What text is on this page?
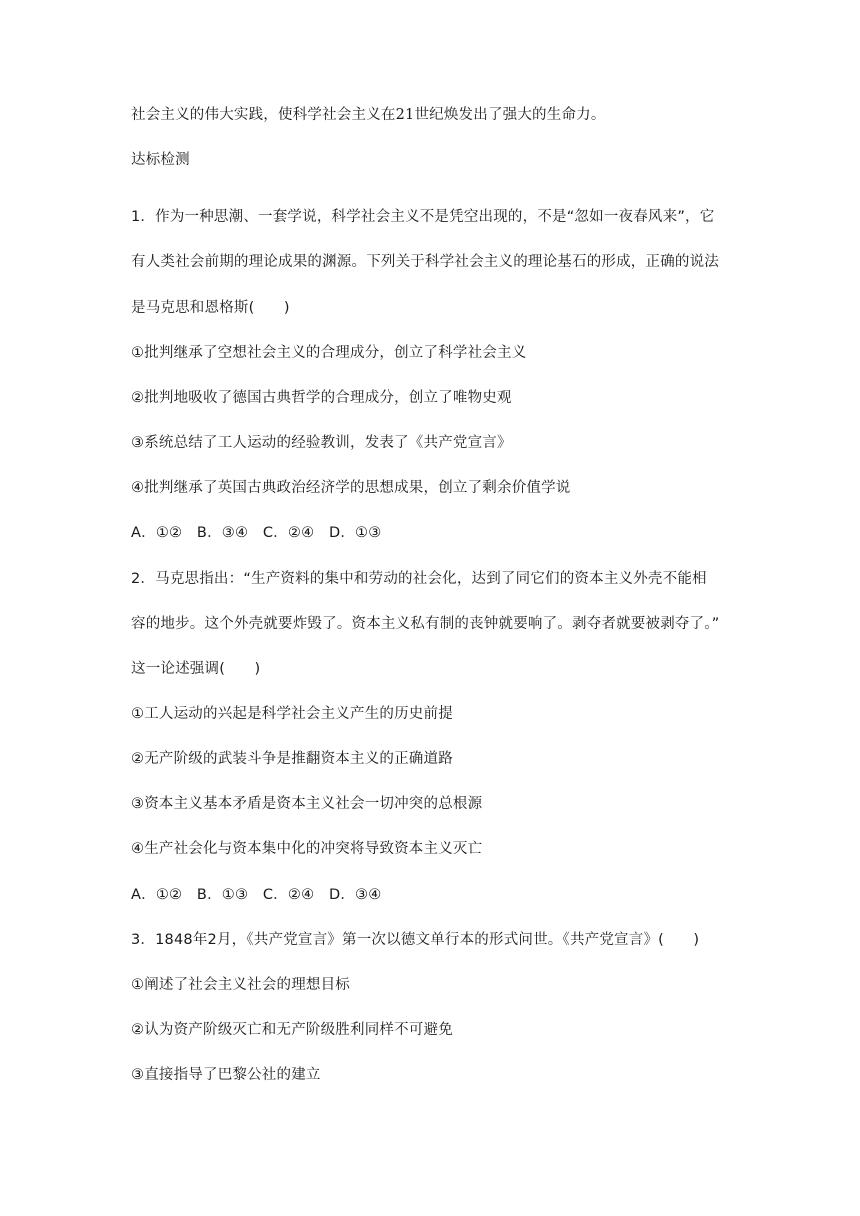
社会主义的伟大实践，使科学社会主义在21世纪焕发出了强大的生命力。
达标检测
1．作为一种思潮、一套学说，科学社会主义不是凭空出现的，不是“忽如一夜春风来”，它
有人类社会前期的理论成果的渊源。下列关于科学社会主义的理论基石的形成，正确的说法
是马克思和恩格斯(　　)
①批判继承了空想社会主义的合理成分，创立了科学社会主义
②批判地吸收了德国古典哲学的合理成分，创立了唯物史观
③系统总结了工人运动的经验教训，发表了《共产党宣言》
④批判继承了英国古典政治经济学的思想成果，创立了剩余价值学说
A．①②　B．③④　C．②④　D．①③
2．马克思指出：“生产资料的集中和劳动的社会化，达到了同它们的资本主义外壳不能相
容的地步。这个外壳就要炸毁了。资本主义私有制的丧钟就要响了。剥夺者就要被剥夺了。”
这一论述强调(　　)
①工人运动的兴起是科学社会主义产生的历史前提
②无产阶级的武装斗争是推翻资本主义的正确道路
③资本主义基本矛盾是资本主义社会一切冲突的总根源
④生产社会化与资本集中化的冲突将导致资本主义灭亡
A．①②　B．①③　C．②④　D．③④
3．1848年2月，《共产党宣言》第一次以德文单行本的形式问世。《共产党宣言》(　　)
①阐述了社会主义社会的理想目标
②认为资产阶级灭亡和无产阶级胜利同样不可避免
③直接指导了巴黎公社的建立
